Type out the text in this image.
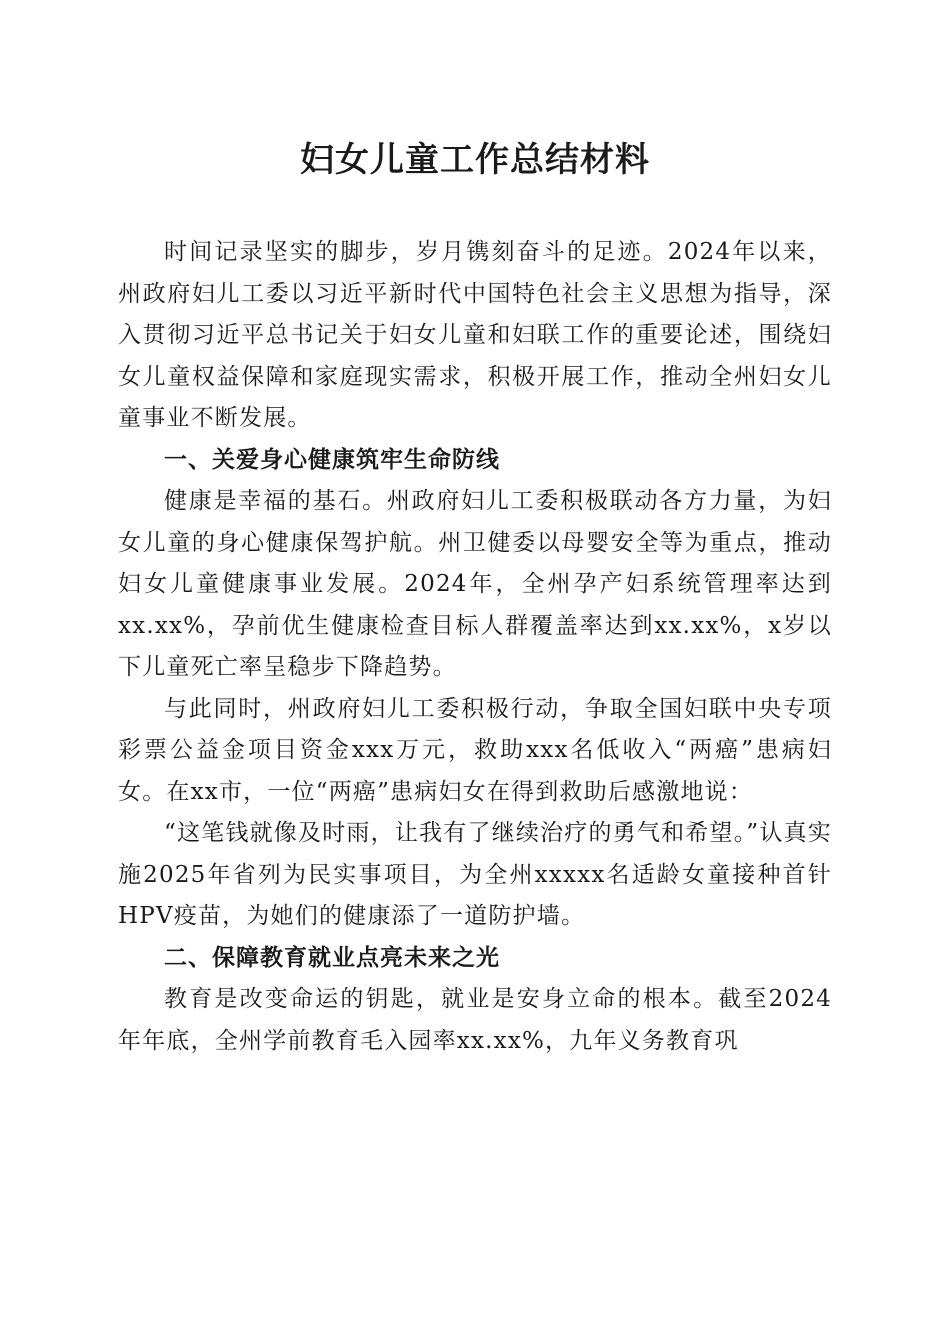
妇女儿童工作总结材料

时间记录坚实的脚步，岁月镌刻奋斗的足迹。2024年以来，州政府妇儿工委以习近平新时代中国特色社会主义思想为指导，深入贯彻习近平总书记关于妇女儿童和妇联工作的重要论述，围绕妇女儿童权益保障和家庭现实需求，积极开展工作，推动全州妇女儿童事业不断发展。

一、关爱身心健康筑牢生命防线

健康是幸福的基石。州政府妇儿工委积极联动各方力量，为妇女儿童的身心健康保驾护航。州卫健委以母婴安全等为重点，推动妇女儿童健康事业发展。2024年，全州孕产妇系统管理率达到xx.xx%，孕前优生健康检查目标人群覆盖率达到xx.xx%，x岁以下儿童死亡率呈稳步下降趋势。

与此同时，州政府妇儿工委积极行动，争取全国妇联中央专项彩票公益金项目资金xxx万元，救助xxx名低收入“两癌”患病妇女。在xx市，一位“两癌”患病妇女在得到救助后感激地说：

“这笔钱就像及时雨，让我有了继续治疗的勇气和希望。”认真实施2025年省列为民实事项目，为全州xxxxx名适龄女童接种首针HPV疫苗，为她们的健康添了一道防护墙。

二、保障教育就业点亮未来之光

教育是改变命运的钥匙，就业是安身立命的根本。截至2024年年底，全州学前教育毛入园率xx.xx%，九年义务教育巩
